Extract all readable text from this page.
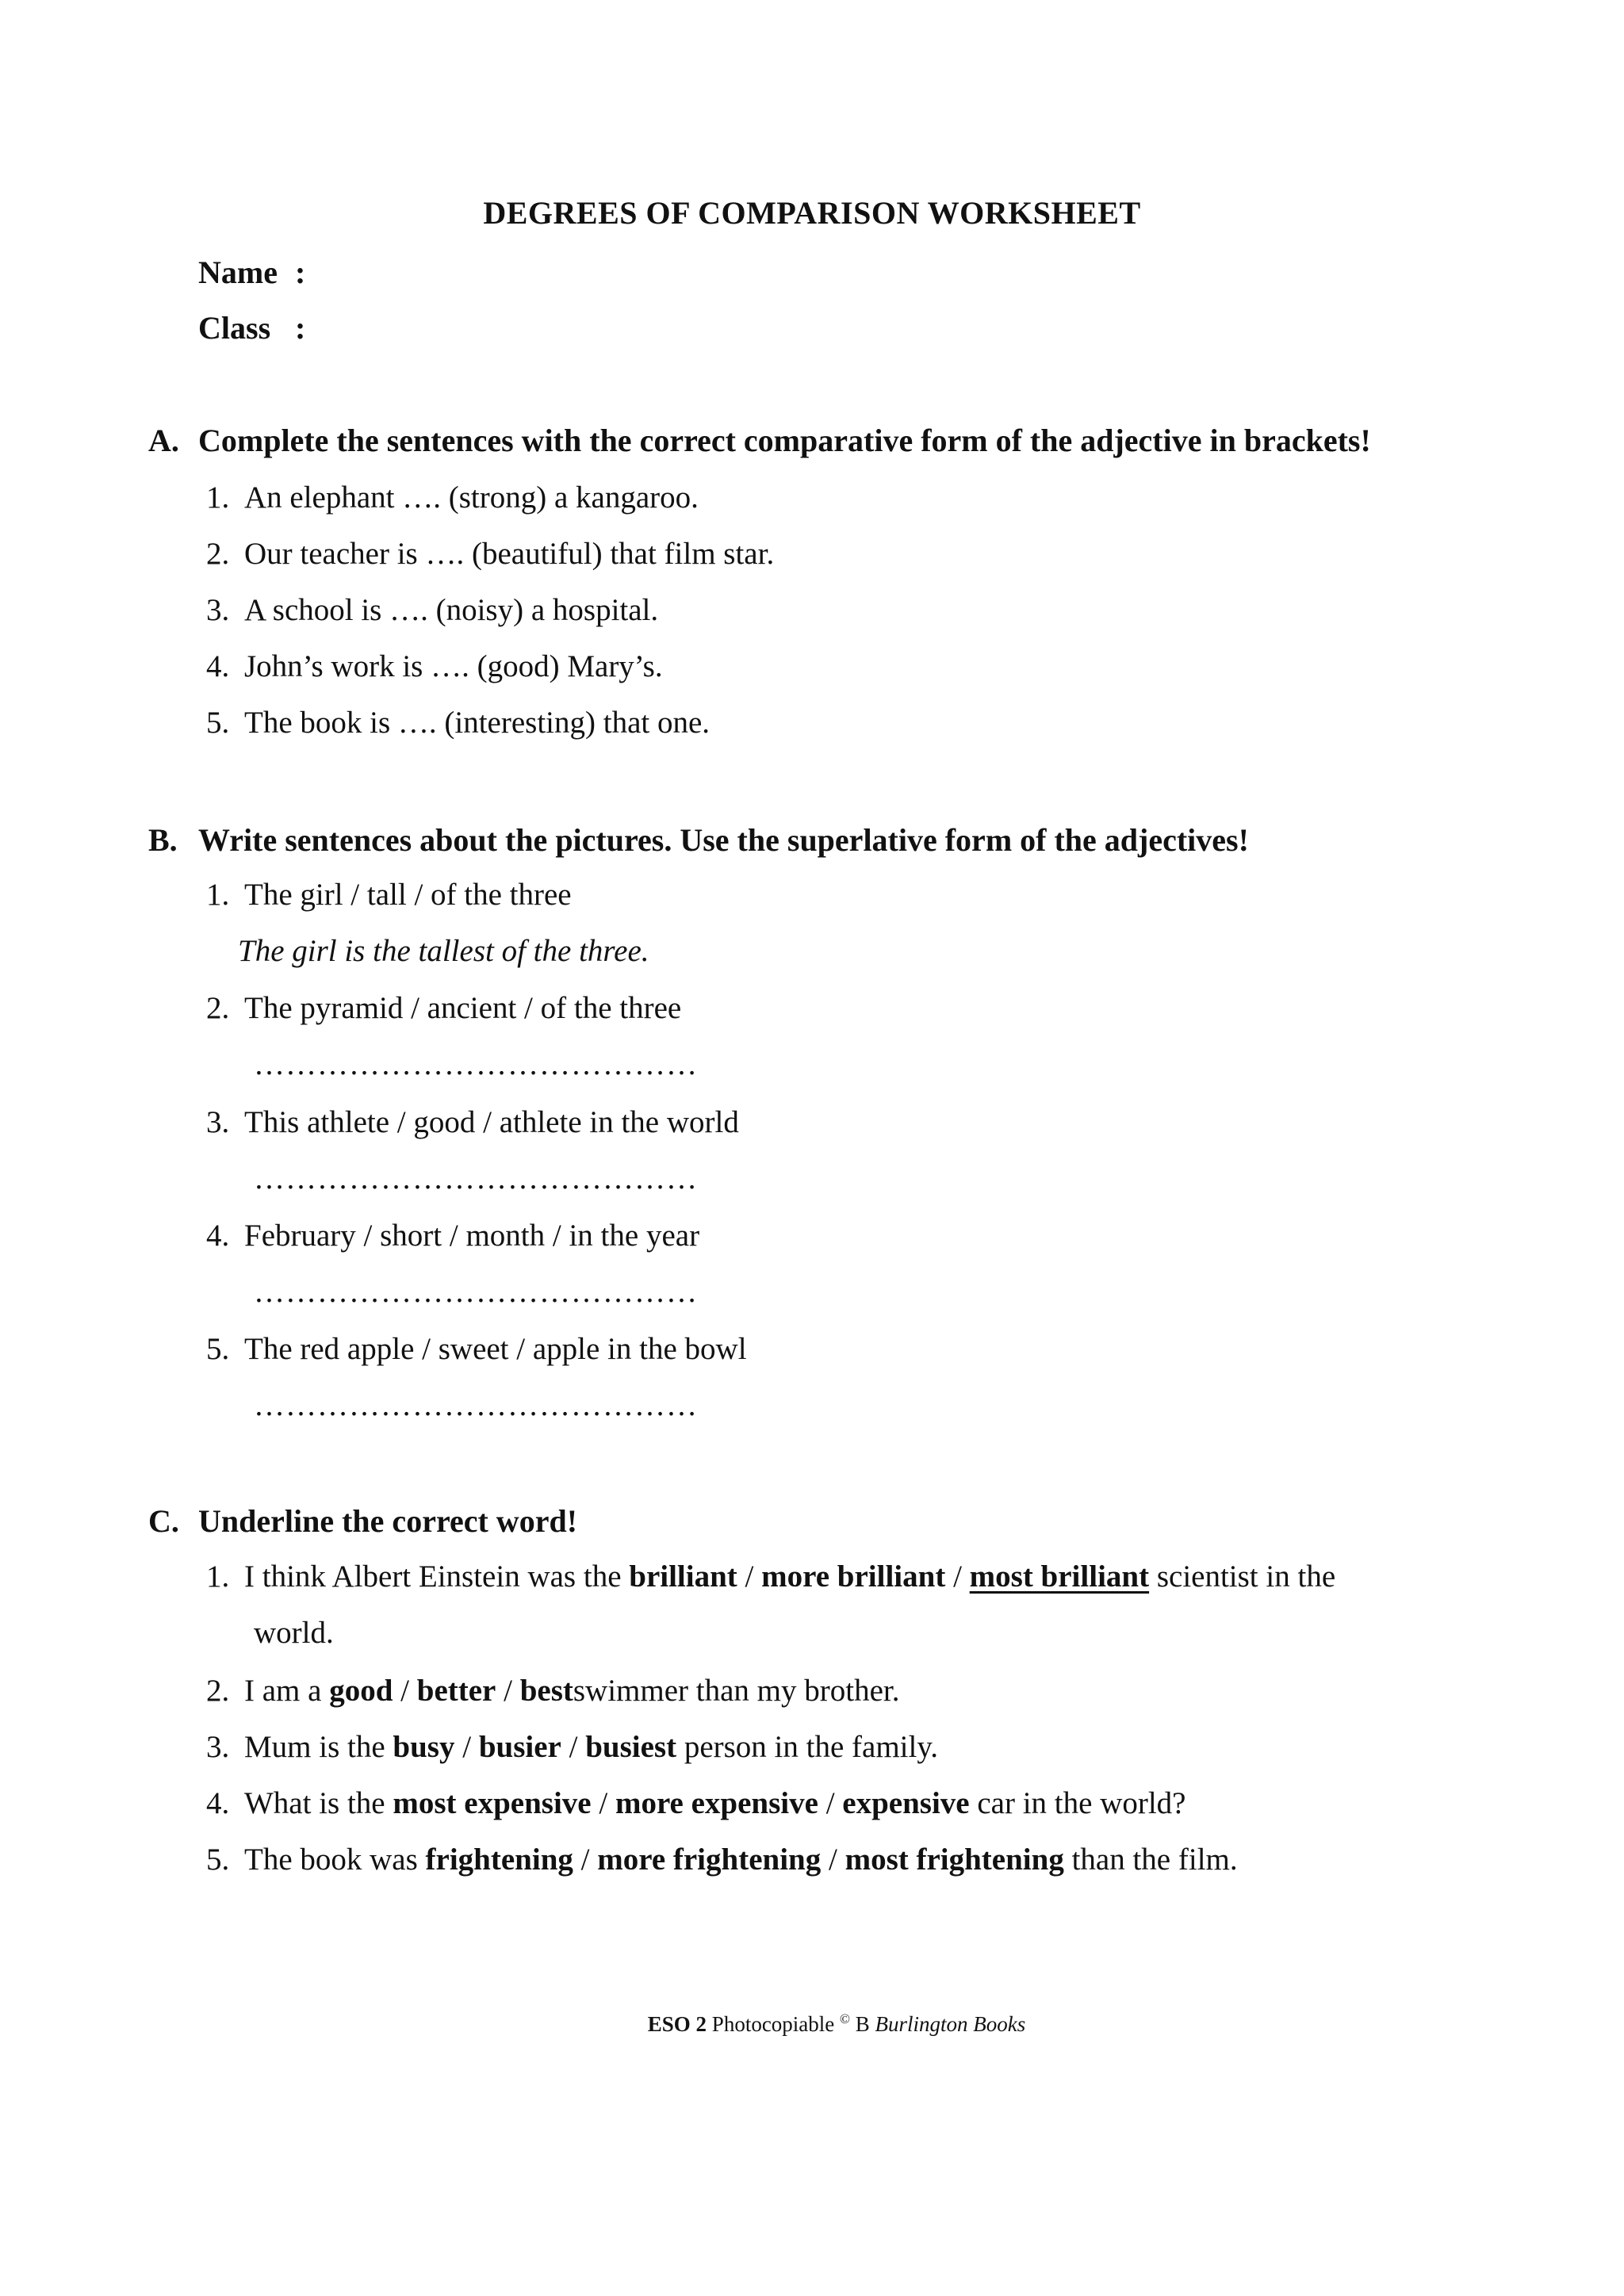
DEGREES OF COMPARISON WORKSHEET
Name :
Class :
A. Complete the sentences with the correct comparative form of the adjective in brackets!
1. An elephant …. (strong) a kangaroo.
2. Our teacher is …. (beautiful) that film star.
3. A school is …. (noisy) a hospital.
4. John’s work is …. (good) Mary’s.
5. The book is …. (interesting) that one.
B. Write sentences about the pictures. Use the superlative form of the adjectives!
1. The girl / tall / of the three
The girl is the tallest of the three.
2. The pyramid / ancient / of the three
……………………………………
3. This athlete / good / athlete in the world
……………………………………
4. February / short / month / in the year
……………………………………
5. The red apple / sweet / apple in the bowl
……………………………………
C. Underline the correct word!
1. I think Albert Einstein was the brilliant / more brilliant / most brilliant scientist in the
world.
2. I am a good / better / bestswimmer than my brother.
3. Mum is the busy / busier / busiest person in the family.
4. What is the most expensive / more expensive / expensive car in the world?
5. The book was frightening / more frightening / most frightening than the film.
ESO 2 Photocopiable © B Burlington Books
